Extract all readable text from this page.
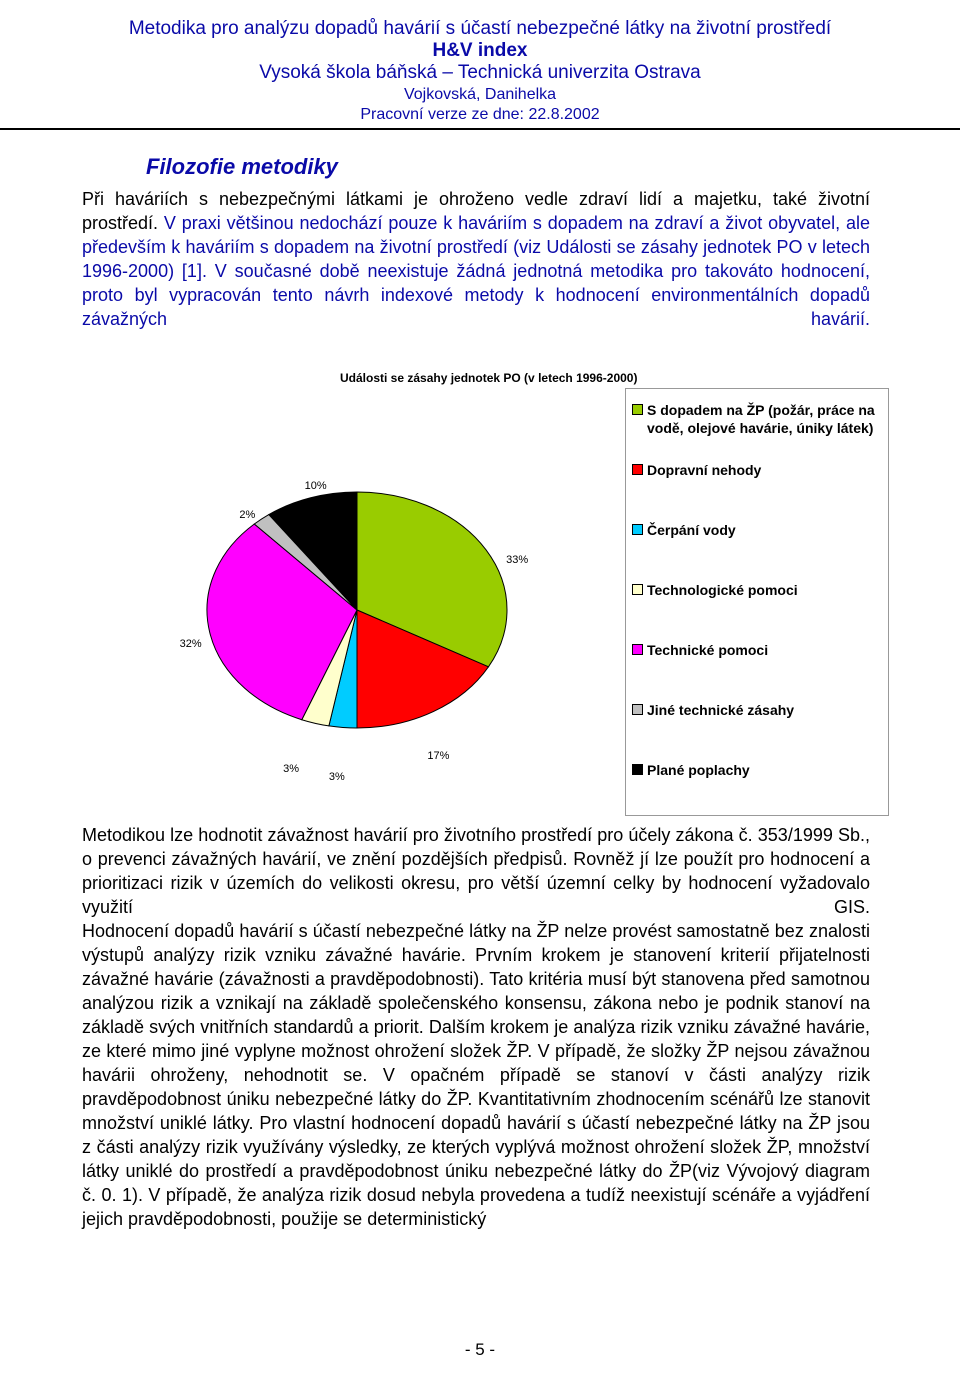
Metodika pro analýzu dopadů havárií s účastí nebezpečné látky na životní prostředí
H&V index
Vysoká škola báňská – Technická univerzita Ostrava
Vojkovská, Danihelka
Pracovní verze ze dne: 22.8.2002
Filozofie metodiky

Při haváriích s nebezpečnými látkami je ohroženo vedle zdraví lidí a majetku, také životní prostředí. V praxi většinou nedochází pouze k haváriím s dopadem na zdraví a život obyvatel, ale především k haváriím s dopadem na životní prostředí (viz Události se zásahy jednotek PO v letech 1996-2000) [1]. V současné době neexistuje žádná jednotná metodika pro takováto hodnocení, proto byl vypracován tento návrh indexové metody k hodnocení environmentálních dopadů závažných havárií.

Události se zásahy jednotek PO (v letech 1996-2000)
33%
17%
3%
3%
32%
2%
10%
S dopadem na ŽP (požár, práce na vodě, olejové havárie, úniky látek)
Dopravní nehody
Čerpání vody
Technologické pomoci
Technické pomoci
Jiné technické zásahy
Plané poplachy

Metodikou lze hodnotit závažnost havárií pro životního prostředí pro účely zákona č. 353/1999 Sb., o prevenci závažných havárií, ve znění pozdějších předpisů. Rovněž jí lze použít pro hodnocení a prioritizaci rizik v územích do velikosti okresu, pro větší územní celky by hodnocení vyžadovalo využití GIS.

Hodnocení dopadů havárií s účastí nebezpečné látky na ŽP nelze provést samostatně bez znalosti výstupů analýzy rizik vzniku závažné havárie. Prvním krokem je stanovení kriterií přijatelnosti závažné havárie (závažnosti a pravděpodobnosti). Tato kritéria musí být stanovena před samotnou analýzou rizik a vznikají na základě společenského konsensu, zákona nebo je podnik stanoví na základě svých vnitřních standardů a priorit. Dalším krokem je analýza rizik vzniku závažné havárie, ze které mimo jiné vyplyne možnost ohrožení složek ŽP. V případě, že složky ŽP nejsou závažnou havárii ohroženy, nehodnotit se. V opačném případě se stanoví v části analýzy rizik pravděpodobnost úniku nebezpečné látky do ŽP. Kvantitativním zhodnocením scénářů lze stanovit množství uniklé látky. Pro vlastní hodnocení dopadů havárií s účastí nebezpečné látky na ŽP jsou z části analýzy rizik využívány výsledky, ze kterých vyplývá možnost ohrožení složek ŽP, množství látky uniklé do prostředí a pravděpodobnost úniku nebezpečné látky do ŽP(viz Vývojový diagram č. 0. 1). V případě, že analýza rizik dosud nebyla provedena a tudíž neexistují scénáře a vyjádření jejich pravděpodobnosti, použije se deterministický

- 5 -
